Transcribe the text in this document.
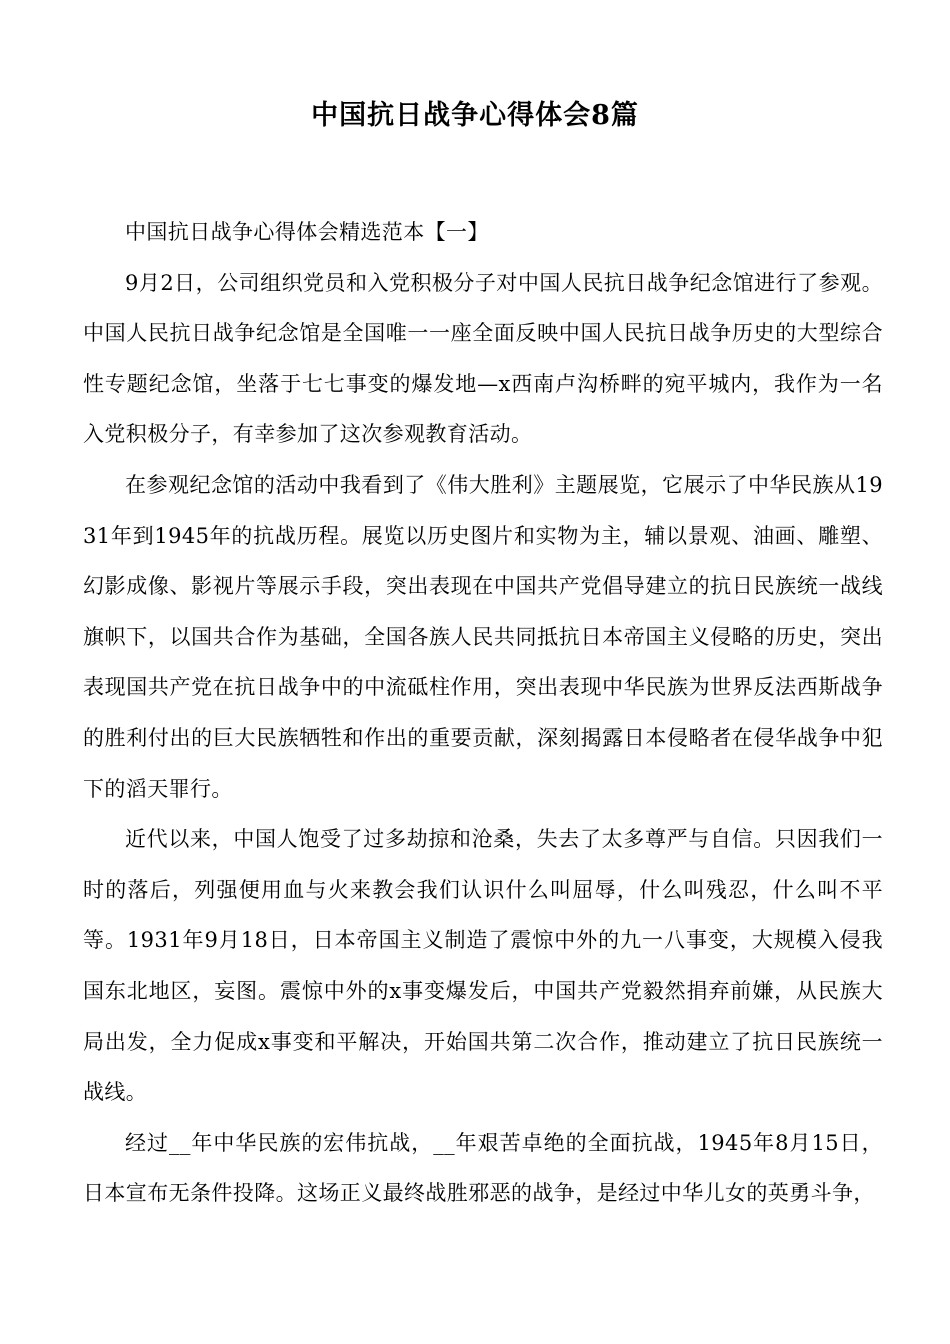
中国抗日战争心得体会8篇

中国抗日战争心得体会精选范本【一】

9月2日，公司组织党员和入党积极分子对中国人民抗日战争纪念馆进行了参观。中国人民抗日战争纪念馆是全国唯一一座全面反映中国人民抗日战争历史的大型综合性专题纪念馆，坐落于七七事变的爆发地—x西南卢沟桥畔的宛平城内，我作为一名入党积极分子，有幸参加了这次参观教育活动。

在参观纪念馆的活动中我看到了《伟大胜利》主题展览，它展示了中华民族从1931年到1945年的抗战历程。展览以历史图片和实物为主，辅以景观、油画、雕塑、幻影成像、影视片等展示手段，突出表现在中国共产党倡导建立的抗日民族统一战线旗帜下，以国共合作为基础，全国各族人民共同抵抗日本帝国主义侵略的历史，突出表现国共产党在抗日战争中的中流砥柱作用，突出表现中华民族为世界反法西斯战争的胜利付出的巨大民族牺牲和作出的重要贡献，深刻揭露日本侵略者在侵华战争中犯下的滔天罪行。

近代以来，中国人饱受了过多劫掠和沧桑，失去了太多尊严与自信。只因我们一时的落后，列强便用血与火来教会我们认识什么叫屈辱，什么叫残忍，什么叫不平等。1931年9月18日，日本帝国主义制造了震惊中外的九一八事变，大规模入侵我国东北地区，妄图。震惊中外的x事变爆发后，中国共产党毅然捐弃前嫌，从民族大局出发，全力促成x事变和平解决，开始国共第二次合作，推动建立了抗日民族统一战线。

经过__年中华民族的宏伟抗战，__年艰苦卓绝的全面抗战，1945年8月15日，日本宣布无条件投降。这场正义最终战胜邪恶的战争，是经过中华儿女的英勇斗争，
